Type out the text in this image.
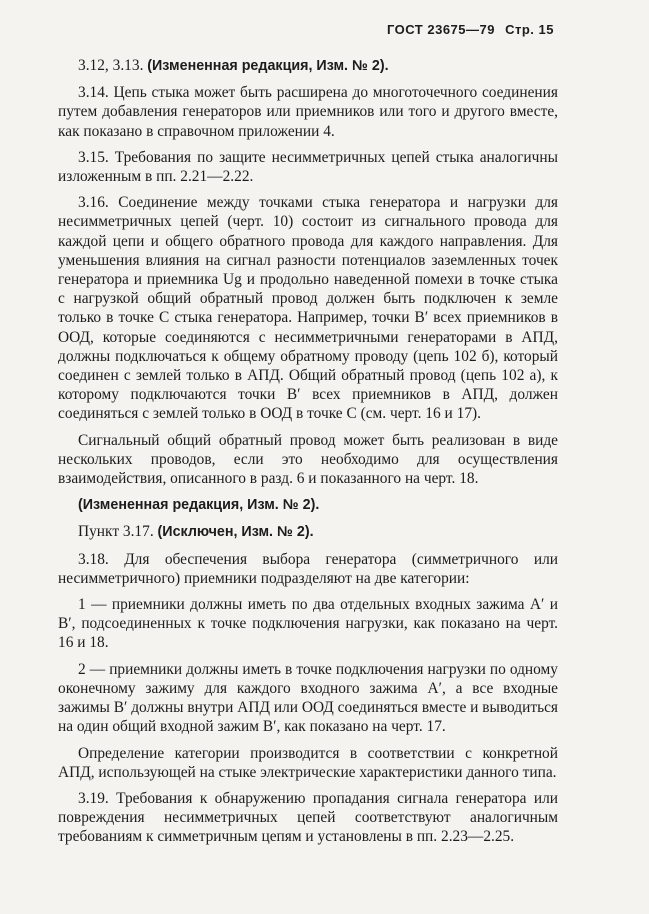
ГОСТ 23675—79 Стр. 15

3.12, 3.13. (Измененная редакция, Изм. № 2).

3.14. Цепь стыка может быть расширена до многоточечного соединения путем добавления генераторов или приемников или того и другого вместе, как показано в справочном приложении 4.

3.15. Требования по защите несимметричных цепей стыка аналогичны изложенным в пп. 2.21—2.22.

3.16. Соединение между точками стыка генератора и нагрузки для несимметричных цепей (черт. 10) состоит из сигнального провода для каждой цепи и общего обратного провода для каждого направления. Для уменьшения влияния на сигнал разности потенциалов заземленных точек генератора и приемника Ug и продольно наведенной помехи в точке стыка с нагрузкой общий обратный провод должен быть подключен к земле только в точке C стыка генератора. Например, точки B′ всех приемников в ООД, которые соединяются с несимметричными генераторами в АПД, должны подключаться к общему обратному проводу (цепь 102 б), который соединен с землей только в АПД. Общий обратный провод (цепь 102 а), к которому подключаются точки B′ всех приемников в АПД, должен соединяться с землей только в ООД в точке C (см. черт. 16 и 17).

Сигнальный общий обратный провод может быть реализован в виде нескольких проводов, если это необходимо для осуществления взаимодействия, описанного в разд. 6 и показанного на черт. 18.

(Измененная редакция, Изм. № 2).

Пункт 3.17. (Исключен, Изм. № 2).

3.18. Для обеспечения выбора генератора (симметричного или несимметричного) приемники подразделяют на две категории:

1 — приемники должны иметь по два отдельных входных зажима A′ и B′, подсоединенных к точке подключения нагрузки, как показано на черт. 16 и 18.

2 — приемники должны иметь в точке подключения нагрузки по одному оконечному зажиму для каждого входного зажима A′, а все входные зажимы B′ должны внутри АПД или ООД соединяться вместе и выводиться на один общий входной зажим B′, как показано на черт. 17.

Определение категории производится в соответствии с конкретной АПД, использующей на стыке электрические характеристики данного типа.

3.19. Требования к обнаружению пропадания сигнала генератора или повреждения несимметричных цепей соответствуют аналогичным требованиям к симметричным цепям и установлены в пп. 2.23—2.25.
